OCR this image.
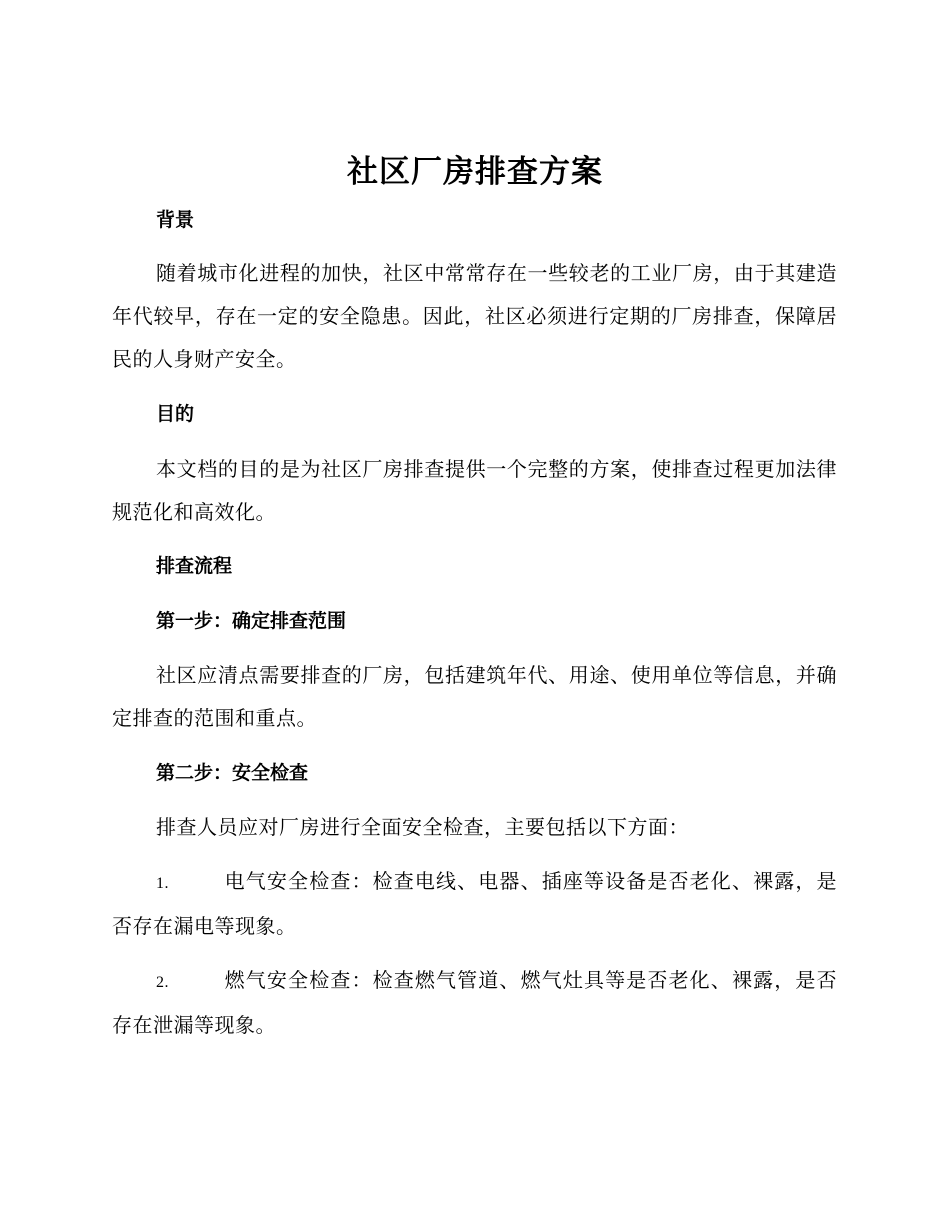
社区厂房排查方案
背景
随着城市化进程的加快，社区中常常存在一些较老的工业厂房，由于其建造年代较早，存在一定的安全隐患。因此，社区必须进行定期的厂房排查，保障居民的人身财产安全。
目的
本文档的目的是为社区厂房排查提供一个完整的方案，使排查过程更加法律规范化和高效化。
排查流程
第一步：确定排查范围
社区应清点需要排查的厂房，包括建筑年代、用途、使用单位等信息，并确定排查的范围和重点。
第二步：安全检查
排查人员应对厂房进行全面安全检查，主要包括以下方面：
1.	电气安全检查：检查电线、电器、插座等设备是否老化、裸露，是否存在漏电等现象。
2.	燃气安全检查：检查燃气管道、燃气灶具等是否老化、裸露，是否存在泄漏等现象。
